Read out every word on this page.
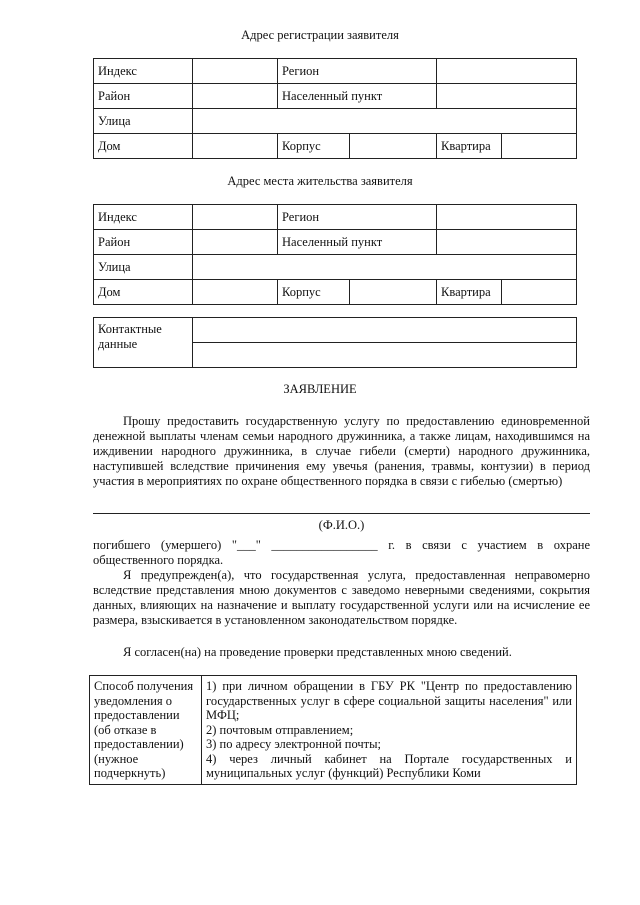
Адрес регистрации заявителя
Индекс		Регион			
Район		Населенный пункт			
Улица					
Дом		Корпус		Квартира	
Адрес места жительства заявителя
Индекс		Регион			
Район		Населенный пункт			
Улица					
Дом		Корпус		Квартира	
Контактные
данные

ЗАЯВЛЕНИЕ
Прошу предоставить государственную услугу по предоставлению единовременной денежной выплаты членам семьи народного дружинника, а также лицам, находившимся на иждивении народного дружинника, в случае гибели (смерти) народного дружинника, наступившей вследствие причинения ему увечья (ранения, травмы, контузии) в период участия в мероприятиях по охране общественного порядка в связи с гибелью (смертью)
(Ф.И.О.)
погибшего (умершего) "___" _________________ г. в связи с участием в охране общественного порядка.
Я предупрежден(а), что государственная услуга, предоставленная неправомерно вследствие представления мною документов с заведомо неверными сведениями, сокрытия данных, влияющих на назначение и выплату государственной услуги или на исчисление ее размера, взыскивается в установленном законодательством порядке.
Я согласен(на) на проведение проверки представленных мною сведений.
Способ получения
уведомления о
предоставлении
(об отказе в
предоставлении)
(нужное
подчеркнуть)

1) при личном обращении в ГБУ РК "Центр по предоставлению государственных услуг в сфере социальной защиты населения" или МФЦ;
2) почтовым отправлением;
3) по адресу электронной почты;
4) через личный кабинет на Портале государственных и муниципальных услуг (функций) Республики Коми
